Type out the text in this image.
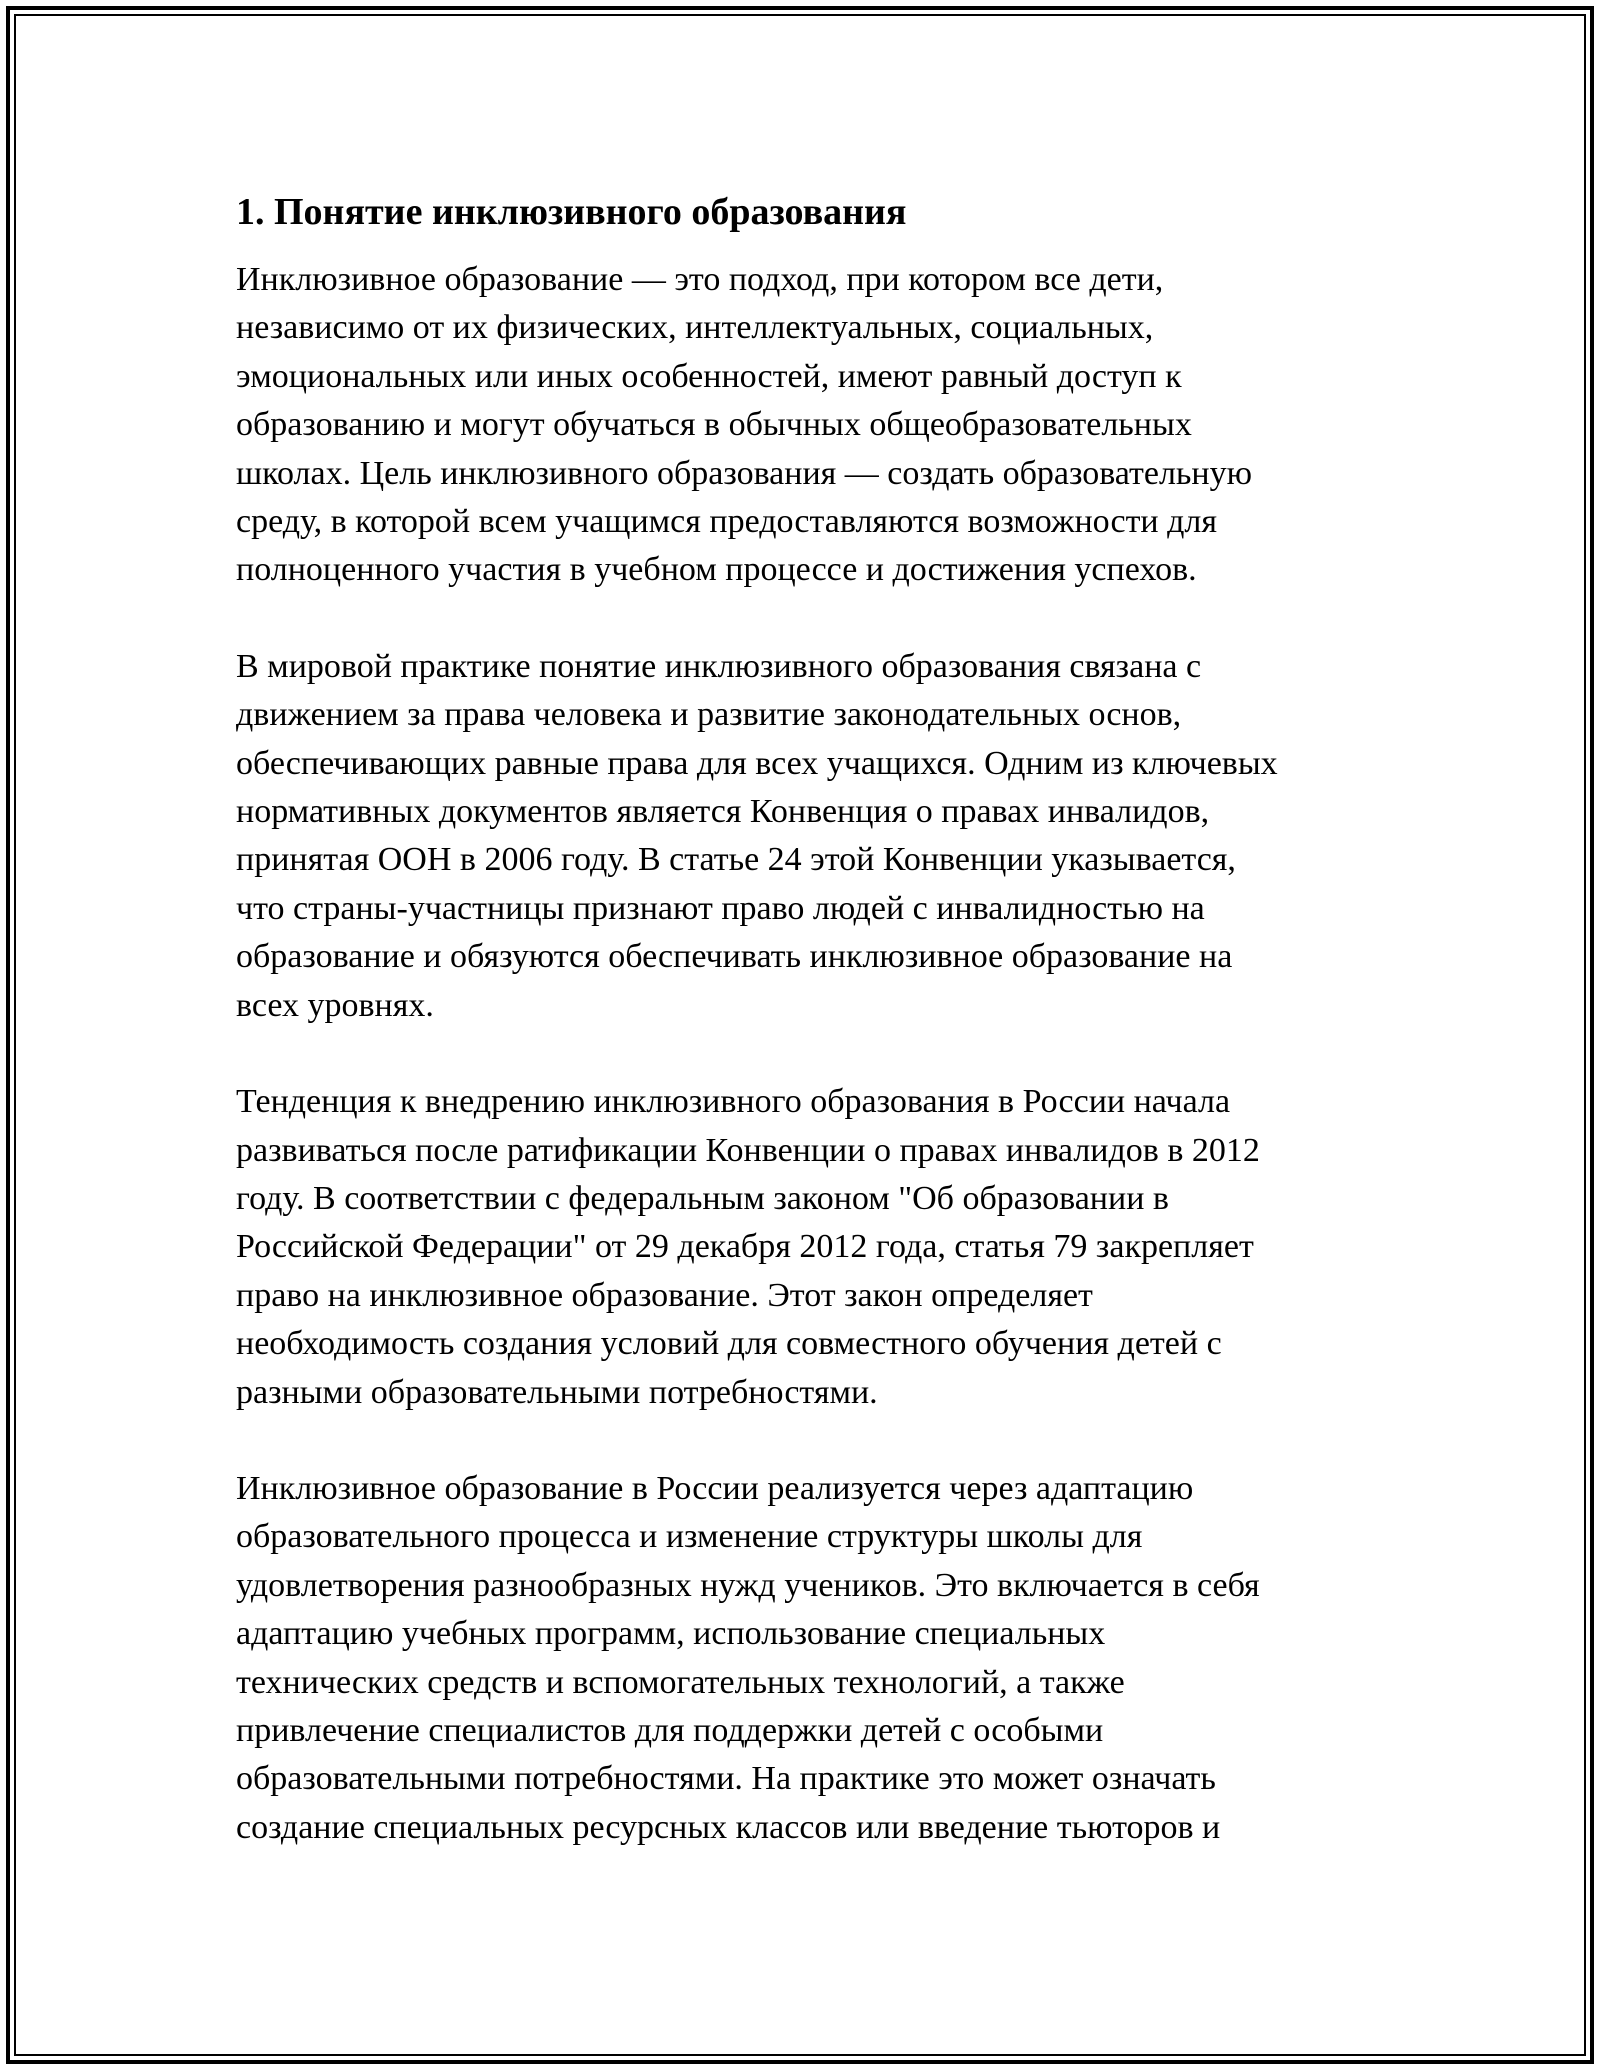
1. Понятие инклюзивного образования

Инклюзивное образование — это подход, при котором все дети,
независимо от их физических, интеллектуальных, социальных,
эмоциональных или иных особенностей, имеют равный доступ к
образованию и могут обучаться в обычных общеобразовательных
школах. Цель инклюзивного образования — создать образовательную
среду, в которой всем учащимся предоставляются возможности для
полноценного участия в учебном процессе и достижения успехов.

В мировой практике понятие инклюзивного образования связана с
движением за права человека и развитие законодательных основ,
обеспечивающих равные права для всех учащихся. Одним из ключевых
нормативных документов является Конвенция о правах инвалидов,
принятая ООН в 2006 году. В статье 24 этой Конвенции указывается,
что страны-участницы признают право людей с инвалидностью на
образование и обязуются обеспечивать инклюзивное образование на
всех уровнях.

Тенденция к внедрению инклюзивного образования в России начала
развиваться после ратификации Конвенции о правах инвалидов в 2012
году. В соответствии с федеральным законом "Об образовании в
Российской Федерации" от 29 декабря 2012 года, статья 79 закрепляет
право на инклюзивное образование. Этот закон определяет
необходимость создания условий для совместного обучения детей с
разными образовательными потребностями.

Инклюзивное образование в России реализуется через адаптацию
образовательного процесса и изменение структуры школы для
удовлетворения разнообразных нужд учеников. Это включается в себя
адаптацию учебных программ, использование специальных
технических средств и вспомогательных технологий, а также
привлечение специалистов для поддержки детей с особыми
образовательными потребностями. На практике это может означать
создание специальных ресурсных классов или введение тьюторов и
